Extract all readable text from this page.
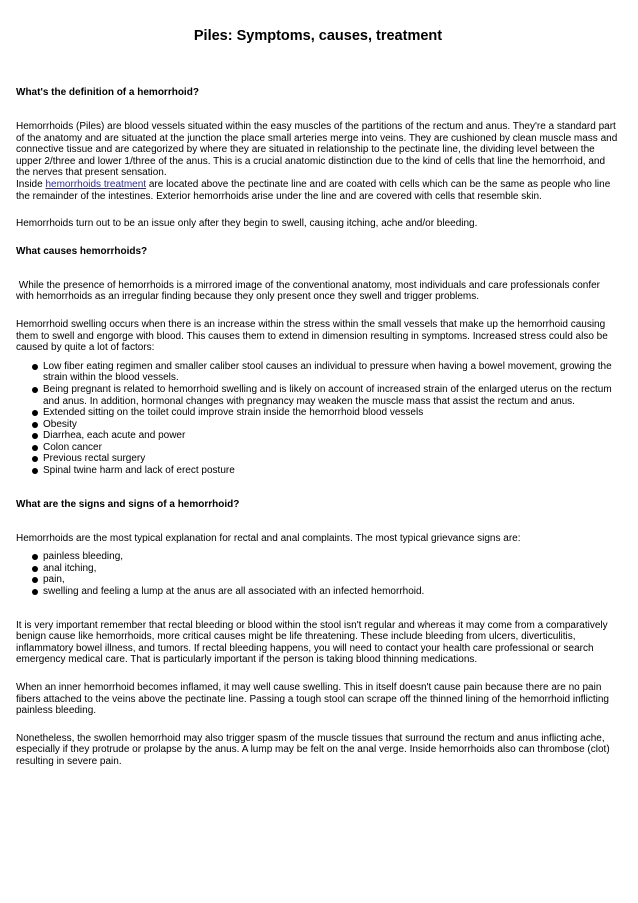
Piles: Symptoms, causes, treatment
What's the definition of a hemorrhoid?

Hemorrhoids (Piles) are blood vessels situated within the easy muscles of the partitions of the rectum and anus. They're a standard part of the anatomy and are situated at the junction the place small arteries merge into veins. They are cushioned by clean muscle mass and connective tissue and are categorized by where they are situated in relationship to the pectinate line, the dividing level between the upper 2/three and lower 1/three of the anus. This is a crucial anatomic distinction due to the kind of cells that line the hemorrhoid, and the nerves that present sensation.

Inside hemorrhoids treatment are located above the pectinate line and are coated with cells which can be the same as people who line the remainder of the intestines. Exterior hemorrhoids arise under the line and are covered with cells that resemble skin.

Hemorrhoids turn out to be an issue only after they begin to swell, causing itching, ache and/or bleeding.

What causes hemorrhoids?

While the presence of hemorrhoids is a mirrored image of the conventional anatomy, most individuals and care professionals confer with hemorrhoids as an irregular finding because they only present once they swell and trigger problems.

Hemorrhoid swelling occurs when there is an increase within the stress within the small vessels that make up the hemorrhoid causing them to swell and engorge with blood. This causes them to extend in dimension resulting in symptoms. Increased stress could also be caused by quite a lot of factors:

Low fiber eating regimen and smaller caliber stool causes an individual to pressure when having a bowel movement, growing the strain within the blood vessels.
Being pregnant is related to hemorrhoid swelling and is likely on account of increased strain of the enlarged uterus on the rectum and anus. In addition, hormonal changes with pregnancy may weaken the muscle mass that assist the rectum and anus.
Extended sitting on the toilet could improve strain inside the hemorrhoid blood vessels
Obesity
Diarrhea, each acute and power
Colon cancer
Previous rectal surgery
Spinal twine harm and lack of erect posture
What are the signs and signs of a hemorrhoid?

Hemorrhoids are the most typical explanation for rectal and anal complaints. The most typical grievance signs are:

painless bleeding,
anal itching,
pain,
swelling and feeling a lump at the anus are all associated with an infected hemorrhoid.

It is very important remember that rectal bleeding or blood within the stool isn't regular and whereas it may come from a comparatively benign cause like hemorrhoids, more critical causes might be life threatening. These include bleeding from ulcers, diverticulitis, inflammatory bowel illness, and tumors. If rectal bleeding happens, you will need to contact your health care professional or search emergency medical care. That is particularly important if the person is taking blood thinning medications.

When an inner hemorrhoid becomes inflamed, it may well cause swelling. This in itself doesn't cause pain because there are no pain fibers attached to the veins above the pectinate line. Passing a tough stool can scrape off the thinned lining of the hemorrhoid inflicting painless bleeding.

Nonetheless, the swollen hemorrhoid may also trigger spasm of the muscle tissues that surround the rectum and anus inflicting ache, especially if they protrude or prolapse by the anus. A lump may be felt on the anal verge. Inside hemorrhoids also can thrombose (clot) resulting in severe pain.
